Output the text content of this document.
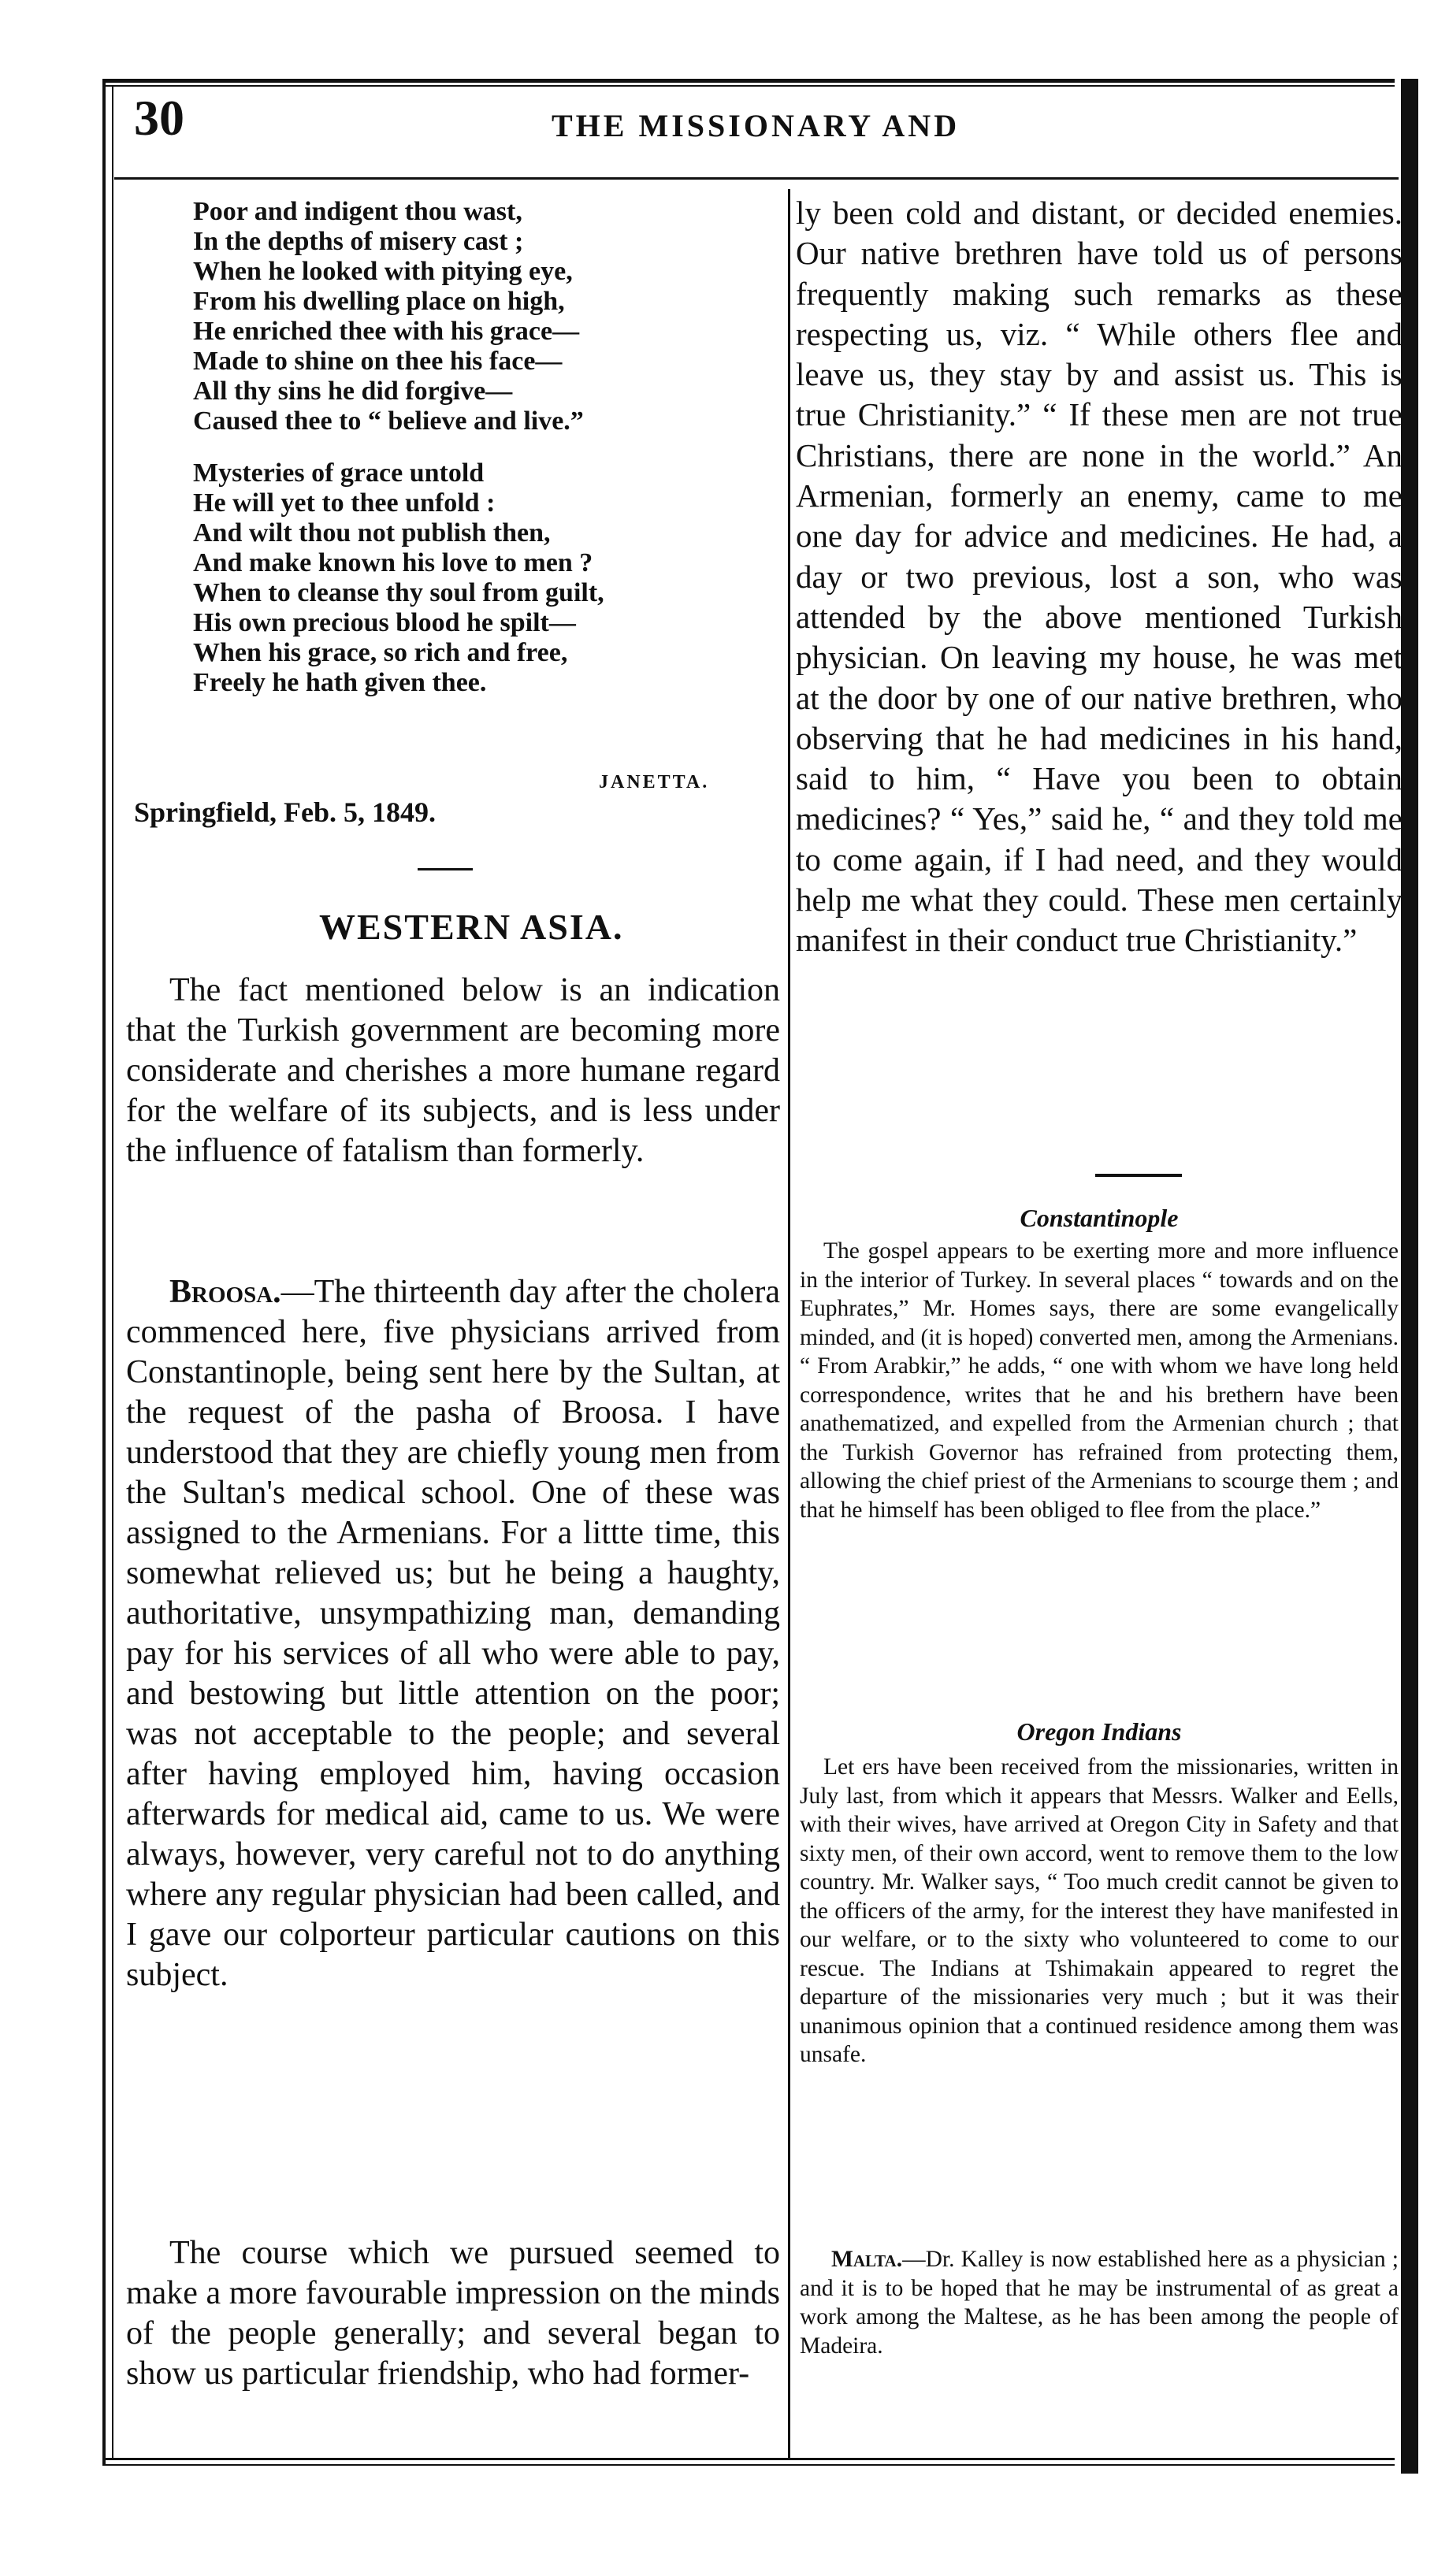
30	THE MISSIONARY AND
Poor and indigent thou wast,
In the depths of misery cast ;
When he looked with pitying eye,
From his dwelling place on high,
He enriched thee with his grace—
Made to shine on thee his face—
All thy sins he did forgive—
Caused thee to “ believe and live.”
Mysteries of grace untold
He will yet to thee unfold :
And wilt thou not publish then,
And make known his love to men ?
When to cleanse thy soul from guilt,
His own precious blood he spilt—
When his grace, so rich and free,
Freely he hath given thee.
JANETTA.
Springfield, Feb. 5, 1849.
WESTERN ASIA.

The fact mentioned below is an indication that the Turkish government are becoming more considerate and cherishes a more humane regard for the welfare of its subjects, and is less under the influence of fatalism than formerly.

Broosa.—The thirteenth day after the cholera commenced here, five physicians arrived from Constantinople, being sent here by the Sultan, at the request of the pasha of Broosa. I have understood that they are chiefly young men from the Sultan's medical school. One of these was assigned to the Armenians. For a littte time, this somewhat relieved us; but he being a haughty, authoritative, unsympathizing man, demanding pay for his services of all who were able to pay, and bestowing but little attention on the poor; was not acceptable to the people; and several after having employed him, having occasion afterwards for medical aid, came to us. We were always, however, very careful not to do anything where any regular physician had been called, and I gave our colporteur particular cautions on this subject.

The course which we pursued seemed to make a more favourable impression on the minds of the people generally; and several began to show us particular friendship, who had former-

ly been cold and distant, or decided enemies. Our native brethren have told us of persons frequently making such remarks as these respecting us, viz. “ While others flee and leave us, they stay by and assist us. This is true Christianity.” “ If these men are not true Christians, there are none in the world.” An Armenian, formerly an enemy, came to me one day for advice and medicines. He had, a day or two previous, lost a son, who was attended by the above mentioned Turkish physician. On leaving my house, he was met at the door by one of our native brethren, who observing that he had medicines in his hand, said to him, “ Have you been to obtain medicines? “ Yes,” said he, “ and they told me to come again, if I had need, and they would help me what they could. These men certainly manifest in their conduct true Christianity.”

Constantinople

The gospel appears to be exerting more and more influence in the interior of Turkey. In several places “ towards and on the Euphrates,” Mr. Homes says, there are some evangelically minded, and (it is hoped) converted men, among the Armenians. “ From Arabkir,” he adds, “ one with whom we have long held correspondence, writes that he and his brethern have been anathematized, and expelled from the Armenian church ; that the Turkish Governor has refrained from protecting them, allowing the chief priest of the Armenians to scourge them ; and that he himself has been obliged to flee from the place.”

Oregon Indians

Let ers have been received from the missionaries, written in July last, from which it appears that Messrs. Walker and Eells, with their wives, have arrived at Oregon City in Safety and that sixty men, of their own accord, went to remove them to the low country. Mr. Walker says, “ Too much credit cannot be given to the officers of the army, for the interest they have manifested in our welfare, or to the sixty who volunteered to come to our rescue. The Indians at Tshimakain appeared to regret the departure of the missionaries very much ; but it was their unanimous opinion that a continued residence among them was unsafe.

Malta.—Dr. Kalley is now established here as a physician ; and it is to be hoped that he may be instrumental of as great a work among the Maltese, as he has been among the people of Madeira.
